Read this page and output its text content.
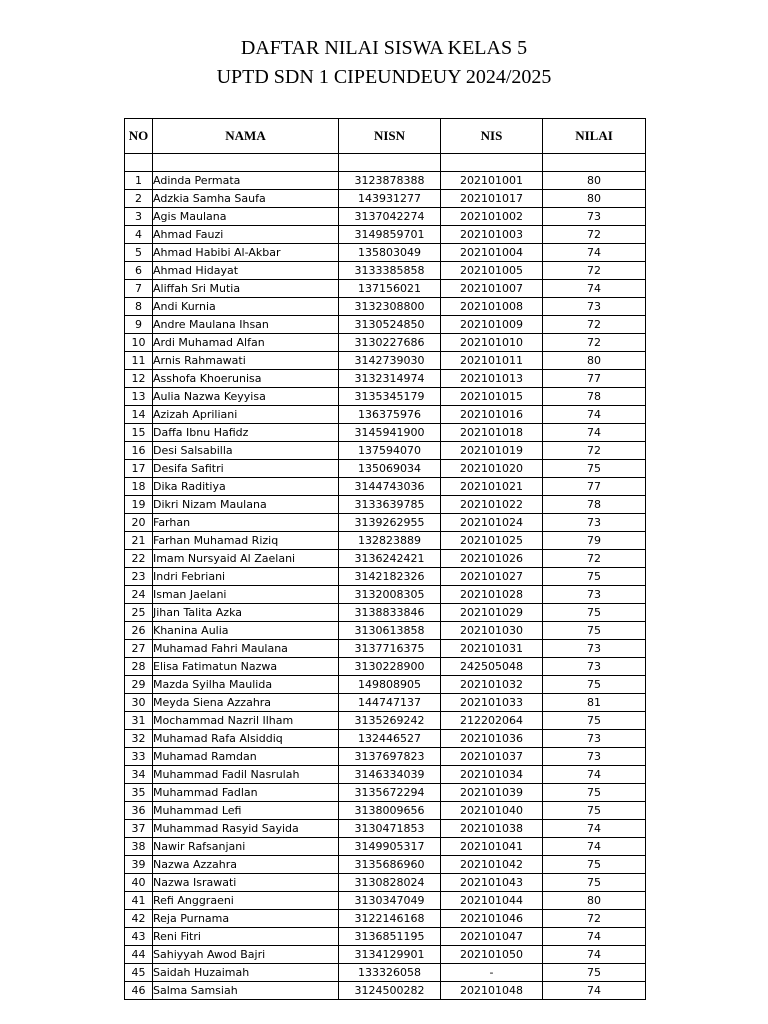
DAFTAR NILAI SISWA KELAS 5
UPTD SDN 1 CIPEUNDEUY 2024/2025
NO	NAMA	NISN	NIS	NILAI

1	Adinda Permata	3123878388	202101001	80
2	Adzkia Samha Saufa	143931277	202101017	80
3	Agis Maulana	3137042274	202101002	73
4	Ahmad Fauzi	3149859701	202101003	72
5	Ahmad Habibi Al-Akbar	135803049	202101004	74
6	Ahmad Hidayat	3133385858	202101005	72
7	Aliffah Sri Mutia	137156021	202101007	74
8	Andi Kurnia	3132308800	202101008	73
9	Andre Maulana Ihsan	3130524850	202101009	72
10	Ardi Muhamad Alfan	3130227686	202101010	72
11	Arnis Rahmawati	3142739030	202101011	80
12	Asshofa Khoerunisa	3132314974	202101013	77
13	Aulia Nazwa Keyyisa	3135345179	202101015	78
14	Azizah Apriliani	136375976	202101016	74
15	Daffa Ibnu Hafidz	3145941900	202101018	74
16	Desi Salsabilla	137594070	202101019	72
17	Desifa Safitri	135069034	202101020	75
18	Dika Raditiya	3144743036	202101021	77
19	Dikri Nizam Maulana	3133639785	202101022	78
20	Farhan	3139262955	202101024	73
21	Farhan Muhamad Riziq	132823889	202101025	79
22	Imam Nursyaid Al Zaelani	3136242421	202101026	72
23	Indri Febriani	3142182326	202101027	75
24	Isman Jaelani	3132008305	202101028	73
25	Jihan Talita Azka	3138833846	202101029	75
26	Khanina Aulia	3130613858	202101030	75
27	Muhamad Fahri Maulana	3137716375	202101031	73
28	Elisa Fatimatun Nazwa	3130228900	242505048	73
29	Mazda Syilha Maulida	149808905	202101032	75
30	Meyda Siena Azzahra	144747137	202101033	81
31	Mochammad Nazril Ilham	3135269242	212202064	75
32	Muhamad Rafa Alsiddiq	132446527	202101036	73
33	Muhamad Ramdan	3137697823	202101037	73
34	Muhammad Fadil Nasrulah	3146334039	202101034	74
35	Muhammad Fadlan	3135672294	202101039	75
36	Muhammad Lefi	3138009656	202101040	75
37	Muhammad Rasyid Sayida	3130471853	202101038	74
38	Nawir Rafsanjani	3149905317	202101041	74
39	Nazwa Azzahra	3135686960	202101042	75
40	Nazwa Israwati	3130828024	202101043	75
41	Refi Anggraeni	3130347049	202101044	80
42	Reja Purnama	3122146168	202101046	72
43	Reni Fitri	3136851195	202101047	74
44	Sahiyyah Awod Bajri	3134129901	202101050	74
45	Saidah Huzaimah	133326058	-	75
46	Salma Samsiah	3124500282	202101048	74
